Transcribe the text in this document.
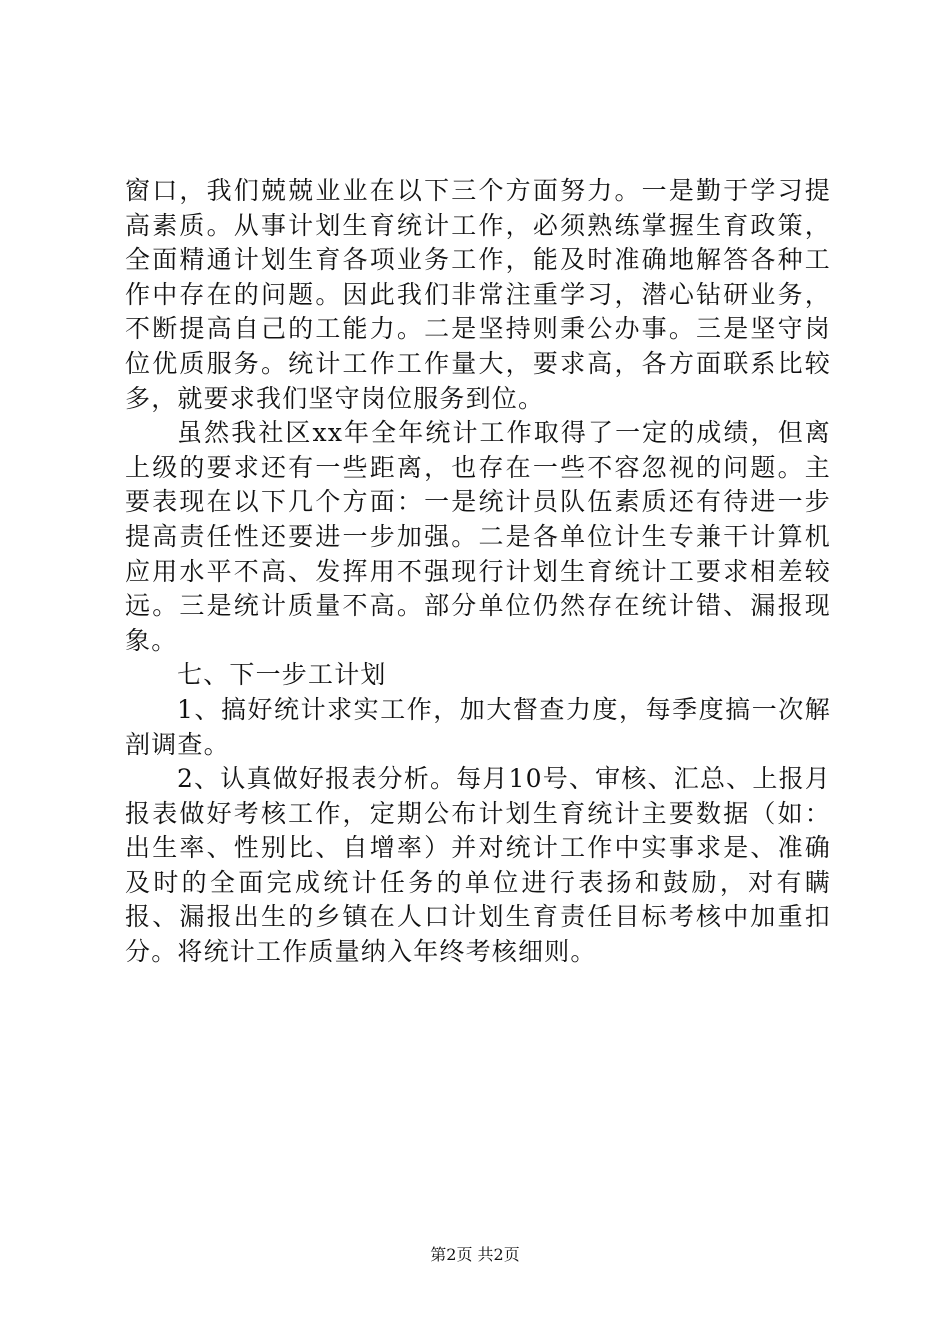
窗口，我们兢兢业业在以下三个方面努力。一是勤于学习提高素质。从事计划生育统计工作，必须熟练掌握生育政策，全面精通计划生育各项业务工作，能及时准确地解答各种工作中存在的问题。因此我们非常注重学习，潜心钻研业务，不断提高自己的工能力。二是坚持则秉公办事。三是坚守岗位优质服务。统计工作工作量大，要求高，各方面联系比较多，就要求我们坚守岗位服务到位。

虽然我社区xx年全年统计工作取得了一定的成绩，但离上级的要求还有一些距离，也存在一些不容忽视的问题。主要表现在以下几个方面：一是统计员队伍素质还有待进一步提高责任性还要进一步加强。二是各单位计生专兼干计算机应用水平不高、发挥用不强现行计划生育统计工要求相差较远。三是统计质量不高。部分单位仍然存在统计错、漏报现象。

七、下一步工计划

1、搞好统计求实工作，加大督查力度，每季度搞一次解剖调查。

2、认真做好报表分析。每月10号、审核、汇总、上报月报表做好考核工作，定期公布计划生育统计主要数据（如：出生率、性别比、自增率）并对统计工作中实事求是、准确及时的全面完成统计任务的单位进行表扬和鼓励，对有瞒报、漏报出生的乡镇在人口计划生育责任目标考核中加重扣分。将统计工作质量纳入年终考核细则。

第2页 共2页
